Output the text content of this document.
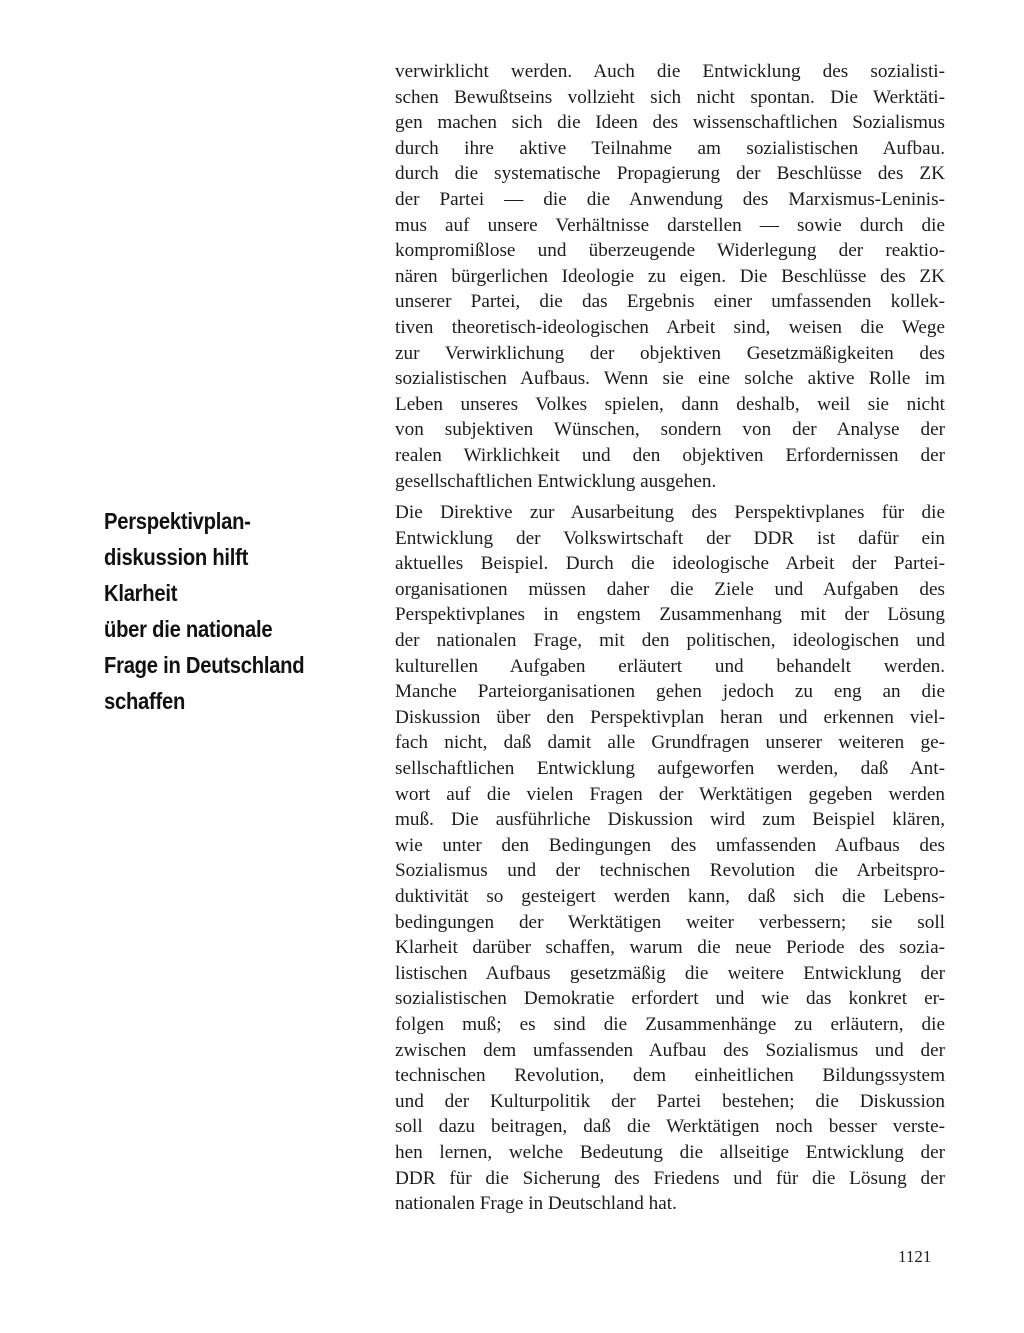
Perspektivplan-
diskussion hilft
Klarheit
über die nationale
Frage in Deutschland
schaffen

verwirklicht werden. Auch die Entwicklung des sozialisti-
schen Bewußtseins vollzieht sich nicht spontan. Die Werktäti-
gen machen sich die Ideen des wissenschaftlichen Sozialismus
durch ihre aktive Teilnahme am sozialistischen Aufbau.
durch die systematische Propagierung der Beschlüsse des ZK
der Partei — die die Anwendung des Marxismus-Leninis-
mus auf unsere Verhältnisse darstellen — sowie durch die
kompromißlose und überzeugende Widerlegung der reaktio-
nären bürgerlichen Ideologie zu eigen. Die Beschlüsse des ZK
unserer Partei, die das Ergebnis einer umfassenden kollek-
tiven theoretisch-ideologischen Arbeit sind, weisen die Wege
zur Verwirklichung der objektiven Gesetzmäßigkeiten des
sozialistischen Aufbaus. Wenn sie eine solche aktive Rolle im
Leben unseres Volkes spielen, dann deshalb, weil sie nicht
von subjektiven Wünschen, sondern von der Analyse der
realen Wirklichkeit und den objektiven Erfordernissen der
gesellschaftlichen Entwicklung ausgehen.

Die Direktive zur Ausarbeitung des Perspektivplanes für die
Entwicklung der Volkswirtschaft der DDR ist dafür ein
aktuelles Beispiel. Durch die ideologische Arbeit der Partei-
organisationen müssen daher die Ziele und Aufgaben des
Perspektivplanes in engstem Zusammenhang mit der Lösung
der nationalen Frage, mit den politischen, ideologischen und
kulturellen Aufgaben erläutert und behandelt werden.
Manche Parteiorganisationen gehen jedoch zu eng an die
Diskussion über den Perspektivplan heran und erkennen viel-
fach nicht, daß damit alle Grundfragen unserer weiteren ge-
sellschaftlichen Entwicklung aufgeworfen werden, daß Ant-
wort auf die vielen Fragen der Werktätigen gegeben werden
muß. Die ausführliche Diskussion wird zum Beispiel klären,
wie unter den Bedingungen des umfassenden Aufbaus des
Sozialismus und der technischen Revolution die Arbeitspro-
duktivität so gesteigert werden kann, daß sich die Lebens-
bedingungen der Werktätigen weiter verbessern; sie soll
Klarheit darüber schaffen, warum die neue Periode des sozia-
listischen Aufbaus gesetzmäßig die weitere Entwicklung der
sozialistischen Demokratie erfordert und wie das konkret er-
folgen muß; es sind die Zusammenhänge zu erläutern, die
zwischen dem umfassenden Aufbau des Sozialismus und der
technischen Revolution, dem einheitlichen Bildungssystem
und der Kulturpolitik der Partei bestehen; die Diskussion
soll dazu beitragen, daß die Werktätigen noch besser verste-
hen lernen, welche Bedeutung die allseitige Entwicklung der
DDR für die Sicherung des Friedens und für die Lösung der
nationalen Frage in Deutschland hat.

1121
